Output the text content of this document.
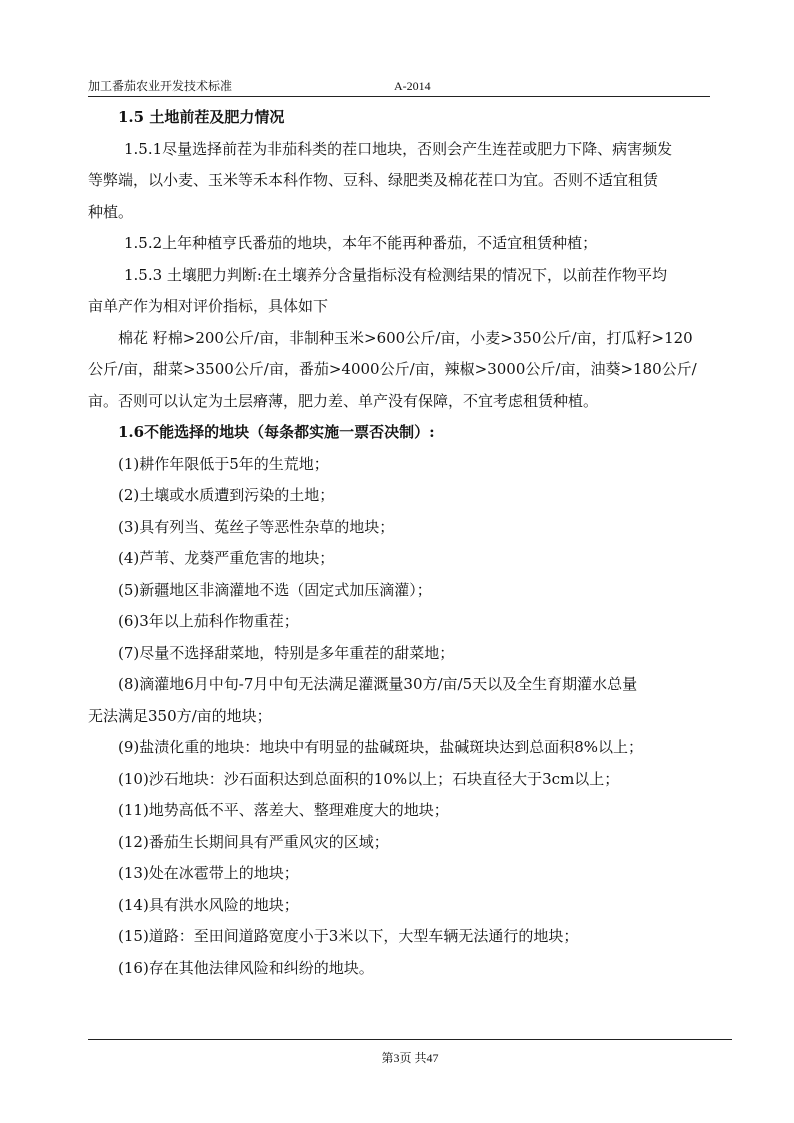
加工番茄农业开发技术标准	A-2014
1.5 土地前茬及肥力情况
1.5.1尽量选择前茬为非茄科类的茬口地块，否则会产生连茬或肥力下降、病害频发
等弊端，以小麦、玉米等禾本科作物、豆科、绿肥类及棉花茬口为宜。否则不适宜租赁
种植。
1.5.2上年种植亨氏番茄的地块，本年不能再种番茄，不适宜租赁种植；
1.5.3 土壤肥力判断:在土壤养分含量指标没有检测结果的情况下，以前茬作物平均
亩单产作为相对评价指标，具体如下
棉花 籽棉>200公斤/亩，非制种玉米>600公斤/亩，小麦>350公斤/亩，打瓜籽>120
公斤/亩，甜菜>3500公斤/亩，番茄>4000公斤/亩，辣椒>3000公斤/亩，油葵>180公斤/
亩。否则可以认定为土层瘠薄，肥力差、单产没有保障，不宜考虑租赁种植。
1.6不能选择的地块（每条都实施一票否决制）:
(1)耕作年限低于5年的生荒地；
(2)土壤或水质遭到污染的土地；
(3)具有列当、菟丝子等恶性杂草的地块；
(4)芦苇、龙葵严重危害的地块；
(5)新疆地区非滴灌地不选（固定式加压滴灌）；
(6)3年以上茄科作物重茬；
(7)尽量不选择甜菜地，特别是多年重茬的甜菜地；
(8)滴灌地6月中旬-7月中旬无法满足灌溉量30方/亩/5天以及全生育期灌水总量
无法满足350方/亩的地块；
(9)盐渍化重的地块：地块中有明显的盐碱斑块，盐碱斑块达到总面积8%以上；
(10)沙石地块：沙石面积达到总面积的10%以上；石块直径大于3cm以上；
(11)地势高低不平、落差大、整理难度大的地块；
(12)番茄生长期间具有严重风灾的区域；
(13)处在冰雹带上的地块；
(14)具有洪水风险的地块；
(15)道路：至田间道路宽度小于3米以下，大型车辆无法通行的地块；
(16)存在其他法律风险和纠纷的地块。
第3页 共47
